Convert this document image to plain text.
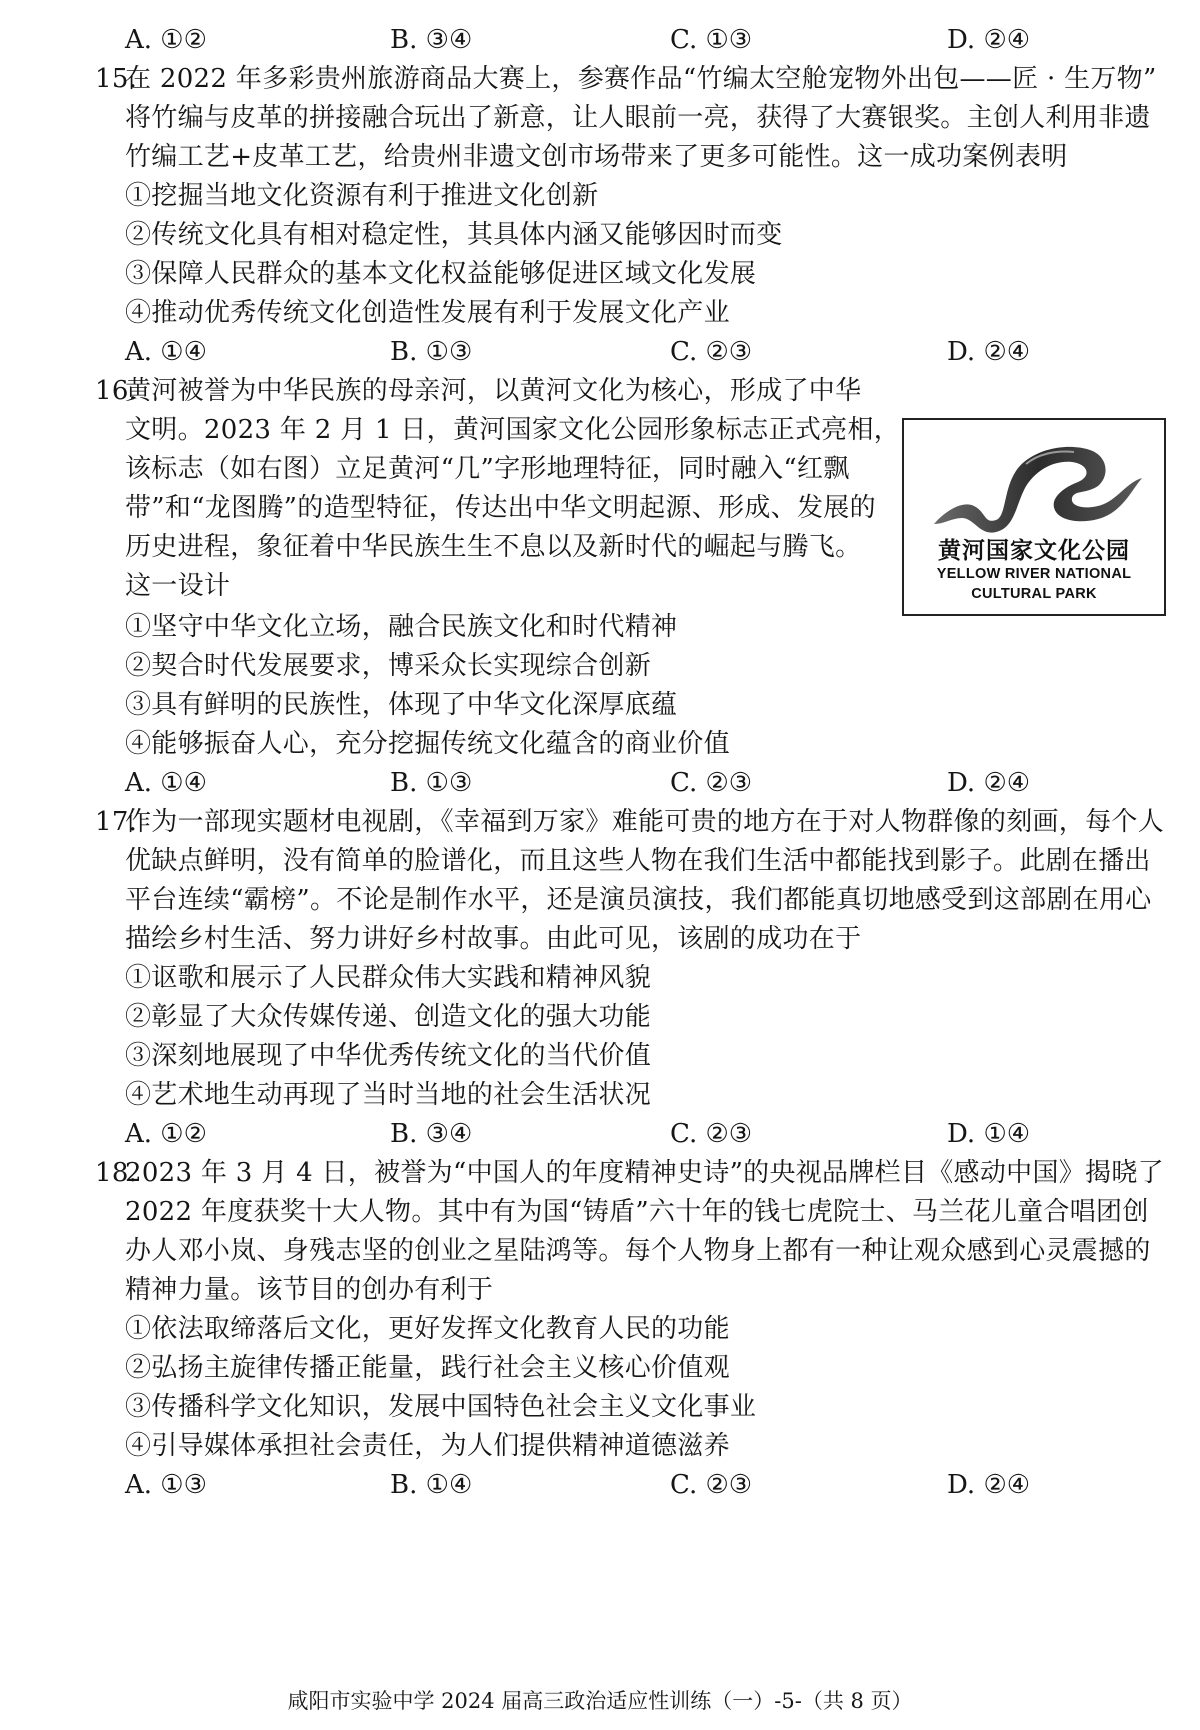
A. ①②	B. ③④	C. ①③	D. ②④
15.在 2022 年多彩贵州旅游商品大赛上，参赛作品“竹编太空舱宠物外出包——匠 · 生万物”
将竹编与皮革的拼接融合玩出了新意，让人眼前一亮，获得了大赛银奖。主创人利用非遗
竹编工艺+皮革工艺，给贵州非遗文创市场带来了更多可能性。这一成功案例表明
①挖掘当地文化资源有利于推进文化创新
②传统文化具有相对稳定性，其具体内涵又能够因时而变
③保障人民群众的基本文化权益能够促进区域文化发展
④推动优秀传统文化创造性发展有利于发展文化产业
A. ①④	B. ①③	C. ②③	D. ②④
16.黄河被誉为中华民族的母亲河，以黄河文化为核心，形成了中华
文明。2023 年 2 月 1 日，黄河国家文化公园形象标志正式亮相，
该标志（如右图）立足黄河“几”字形地理特征，同时融入“红飘
带”和“龙图腾”的造型特征，传达出中华文明起源、形成、发展的
历史进程，象征着中华民族生生不息以及新时代的崛起与腾飞。
这一设计
黄河国家文化公园
YELLOW RIVER NATIONAL
CULTURAL PARK
①坚守中华文化立场，融合民族文化和时代精神
②契合时代发展要求，博采众长实现综合创新
③具有鲜明的民族性，体现了中华文化深厚底蕴
④能够振奋人心，充分挖掘传统文化蕴含的商业价值
A. ①④	B. ①③	C. ②③	D. ②④
17.作为一部现实题材电视剧，《幸福到万家》难能可贵的地方在于对人物群像的刻画，每个人
优缺点鲜明，没有简单的脸谱化，而且这些人物在我们生活中都能找到影子。此剧在播出
平台连续“霸榜”。不论是制作水平，还是演员演技，我们都能真切地感受到这部剧在用心
描绘乡村生活、努力讲好乡村故事。由此可见，该剧的成功在于
①讴歌和展示了人民群众伟大实践和精神风貌
②彰显了大众传媒传递、创造文化的强大功能
③深刻地展现了中华优秀传统文化的当代价值
④艺术地生动再现了当时当地的社会生活状况
A. ①②	B. ③④	C. ②③	D. ①④
18.2023 年 3 月 4 日，被誉为“中国人的年度精神史诗”的央视品牌栏目《感动中国》揭晓了
2022 年度获奖十大人物。其中有为国“铸盾”六十年的钱七虎院士、马兰花儿童合唱团创
办人邓小岚、身残志坚的创业之星陆鸿等。每个人物身上都有一种让观众感到心灵震撼的
精神力量。该节目的创办有利于
①依法取缔落后文化，更好发挥文化教育人民的功能
②弘扬主旋律传播正能量，践行社会主义核心价值观
③传播科学文化知识，发展中国特色社会主义文化事业
④引导媒体承担社会责任，为人们提供精神道德滋养
A. ①③	B. ①④	C. ②③	D. ②④
咸阳市实验中学 2024 届高三政治适应性训练（一）-5-（共 8 页）
